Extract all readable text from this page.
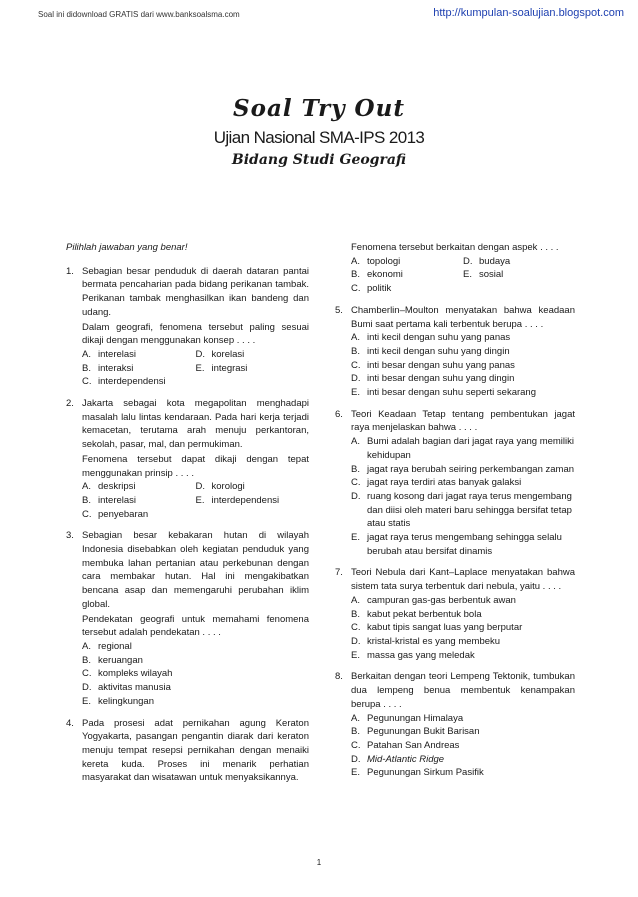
Soal ini didownload GRATIS dari www.banksoalsma.com	http://kumpulan-soalujian.blogspot.com
Soal Try Out
Ujian Nasional SMA-IPS 2013
Bidang Studi Geografi
Pilihlah jawaban yang benar!
1. Sebagian besar penduduk di daerah dataran pantai bermata pencaharian pada bidang perikanan tambak. Perikanan tambak menghasilkan ikan bandeng dan udang.
Dalam geografi, fenomena tersebut paling sesuai dikaji dengan menggunakan konsep . . . .
A. interelasi	D. korelasi
B. interaksi	E. integrasi
C. interdependensi
2. Jakarta sebagai kota megapolitan menghadapi masalah lalu lintas kendaraan. Pada hari kerja terjadi kemacetan, terutama arah menuju perkantoran, sekolah, pasar, mal, dan permukiman.
Fenomena tersebut dapat dikaji dengan tepat menggunakan prinsip . . . .
A. deskripsi	D. korologi
B. interelasi	E. interdependensi
C. penyebaran
3. Sebagian besar kebakaran hutan di wilayah Indonesia disebabkan oleh kegiatan penduduk yang membuka lahan pertanian atau perkebunan dengan cara membakar hutan. Hal ini mengakibatkan bencana asap dan memengaruhi perubahan iklim global.
Pendekatan geografi untuk memahami fenomena tersebut adalah pendekatan . . . .
A. regional
B. keruangan
C. kompleks wilayah
D. aktivitas manusia
E. kelingkungan
4. Pada prosesi adat pernikahan agung Keraton Yogyakarta, pasangan pengantin diarak dari keraton menuju tempat resepsi pernikahan dengan menaiki kereta kuda. Proses ini menarik perhatian masyarakat dan wisatawan untuk menyaksikannya.
Fenomena tersebut berkaitan dengan aspek . . . .
A. topologi	D. budaya
B. ekonomi	E. sosial
C. politik
5. Chamberlin–Moulton menyatakan bahwa keadaan Bumi saat pertama kali terbentuk berupa . . . .
A. inti kecil dengan suhu yang panas
B. inti kecil dengan suhu yang dingin
C. inti besar dengan suhu yang panas
D. inti besar dengan suhu yang dingin
E. inti besar dengan suhu seperti sekarang
6. Teori Keadaan Tetap tentang pembentukan jagat raya menjelaskan bahwa . . . .
A. Bumi adalah bagian dari jagat raya yang memiliki kehidupan
B. jagat raya berubah seiring perkembangan zaman
C. jagat raya terdiri atas banyak galaksi
D. ruang kosong dari jagat raya terus mengembang dan diisi oleh materi baru sehingga bersifat tetap atau statis
E. jagat raya terus mengembang sehingga selalu berubah atau bersifat dinamis
7. Teori Nebula dari Kant–Laplace menyatakan bahwa sistem tata surya terbentuk dari nebula, yaitu . . . .
A. campuran gas-gas berbentuk awan
B. kabut pekat berbentuk bola
C. kabut tipis sangat luas yang berputar
D. kristal-kristal es yang membeku
E. massa gas yang meledak
8. Berkaitan dengan teori Lempeng Tektonik, tumbukan dua lempeng benua membentuk kenampakan berupa . . . .
A. Pegunungan Himalaya
B. Pegunungan Bukit Barisan
C. Patahan San Andreas
D. Mid-Atlantic Ridge
E. Pegunungan Sirkum Pasifik
1
